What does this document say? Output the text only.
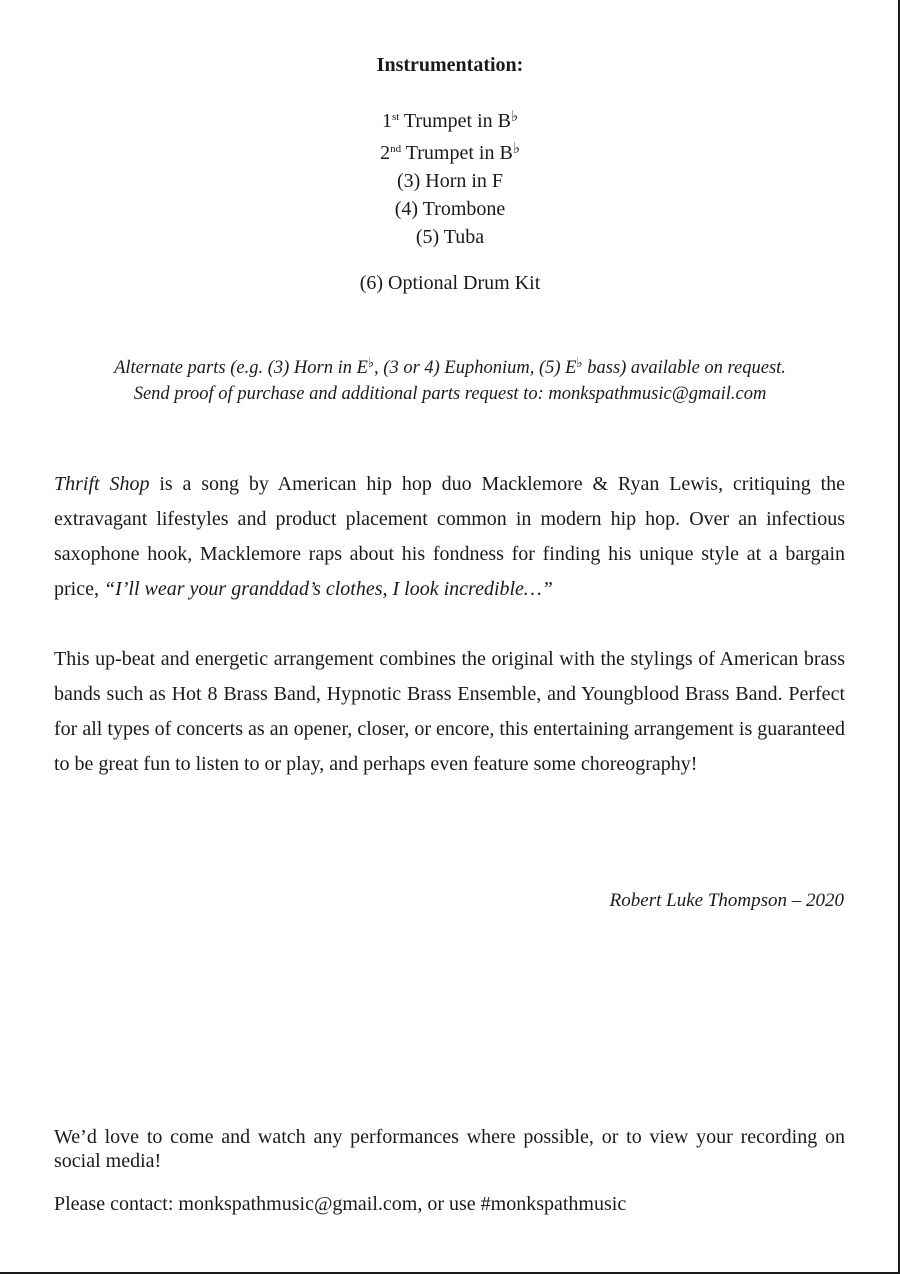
Instrumentation:
1st Trumpet in B♭
2nd Trumpet in B♭
(3) Horn in F
(4) Trombone
(5) Tuba
(6) Optional Drum Kit
Alternate parts (e.g. (3) Horn in E♭, (3 or 4) Euphonium, (5) E♭ bass) available on request.
Send proof of purchase and additional parts request to: monkspathmusic@gmail.com
Thrift Shop is a song by American hip hop duo Macklemore & Ryan Lewis, critiquing the extravagant lifestyles and product placement common in modern hip hop. Over an infectious saxophone hook, Macklemore raps about his fondness for finding his unique style at a bargain price, “I’ll wear your granddad’s clothes, I look incredible…”
This up-beat and energetic arrangement combines the original with the stylings of American brass bands such as Hot 8 Brass Band, Hypnotic Brass Ensemble, and Youngblood Brass Band. Perfect for all types of concerts as an opener, closer, or encore, this entertaining arrangement is guaranteed to be great fun to listen to or play, and perhaps even feature some choreography!
Robert Luke Thompson – 2020
We’d love to come and watch any performances where possible, or to view your recording on social media!
Please contact: monkspathmusic@gmail.com, or use #monkspathmusic
